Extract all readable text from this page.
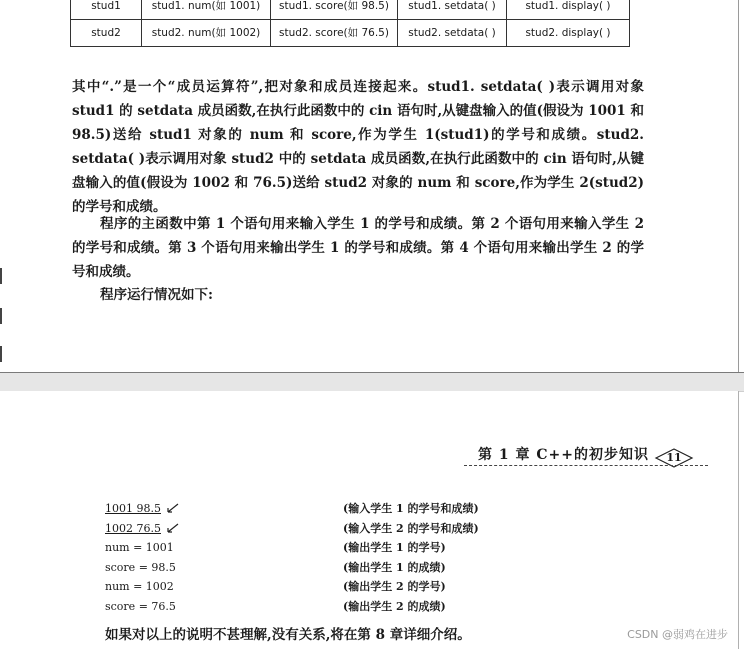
stud1	stud1. num(如 1001)	stud1. score(如 98.5)	stud1. setdata( )	stud1. display( )
stud2	stud2. num(如 1002)	stud2. score(如 76.5)	stud2. setdata( )	stud2. display( )
其中“.”是一个“成员运算符”,把对象和成员连接起来。stud1. setdata( )表示调用对象 stud1 的 setdata 成员函数,在执行此函数中的 cin 语句时,从键盘输入的值(假设为 1001 和 98.5)送给 stud1 对象的 num 和 score,作为学生 1(stud1)的学号和成绩。stud2. setdata( )表示调用对象 stud2 中的 setdata 成员函数,在执行此函数中的 cin 语句时,从键盘输入的值(假设为 1002 和 76.5)送给 stud2 对象的 num 和 score,作为学生 2(stud2)的学号和成绩。
程序的主函数中第 1 个语句用来输入学生 1 的学号和成绩。第 2 个语句用来输入学生 2 的学号和成绩。第 3 个语句用来输出学生 1 的学号和成绩。第 4 个语句用来输出学生 2 的学号和成绩。
程序运行情况如下:
第 1 章 C++的初步知识	11
1001 98.5	(输入学生 1 的学号和成绩)
1002 76.5	(输入学生 2 的学号和成绩)
num = 1001	(输出学生 1 的学号)
score = 98.5	(输出学生 1 的成绩)
num = 1002	(输出学生 2 的学号)
score = 76.5	(输出学生 2 的成绩)
如果对以上的说明不甚理解,没有关系,将在第 8 章详细介绍。	CSDN @弱鸡在进步
